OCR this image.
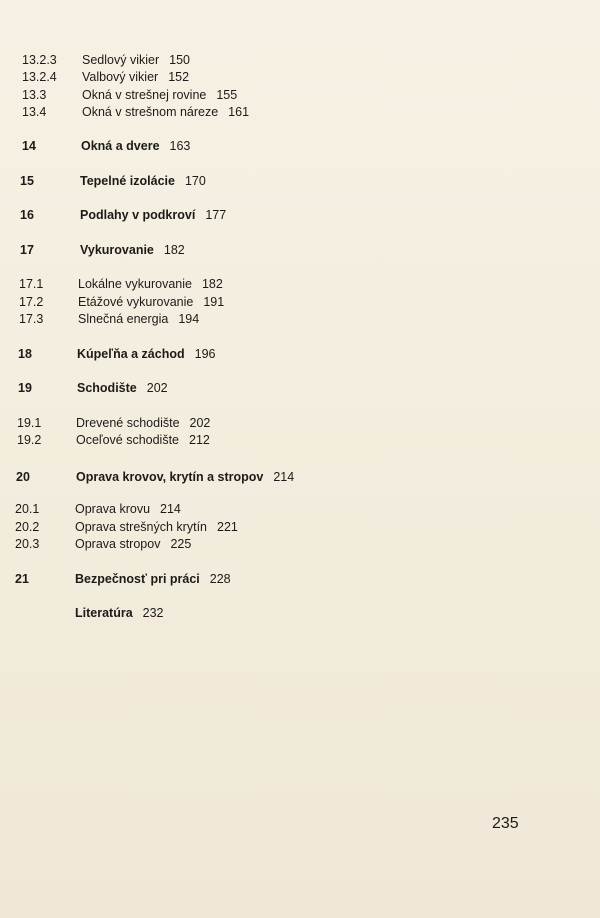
13.2.3 Sedlový vikier 150
13.2.4 Valbový vikier 152
13.3	Okná v strešnej rovine 155
13.4	Okná v strešnom náreze 161
14	Okná a dvere 163
15	Tepelné izolácie 170
16	Podlahy v podkroví 177
17	Vykurovanie 182
17.1	Lokálne vykurovanie 182
17.2	Etážové vykurovanie 191
17.3	Slnečná energia 194
18	Kúpeľňa a záchod 196
19	Schodište 202
19.1	Drevené schodište 202
19.2	Oceľové schodište 212
20	Oprava krovov, krytín a stropov 214
20.1	Oprava krovu 214
20.2	Oprava strešných krytín 221
20.3	Oprava stropov 225
21	Bezpečnosť pri práci 228
Literatúra 232
235
